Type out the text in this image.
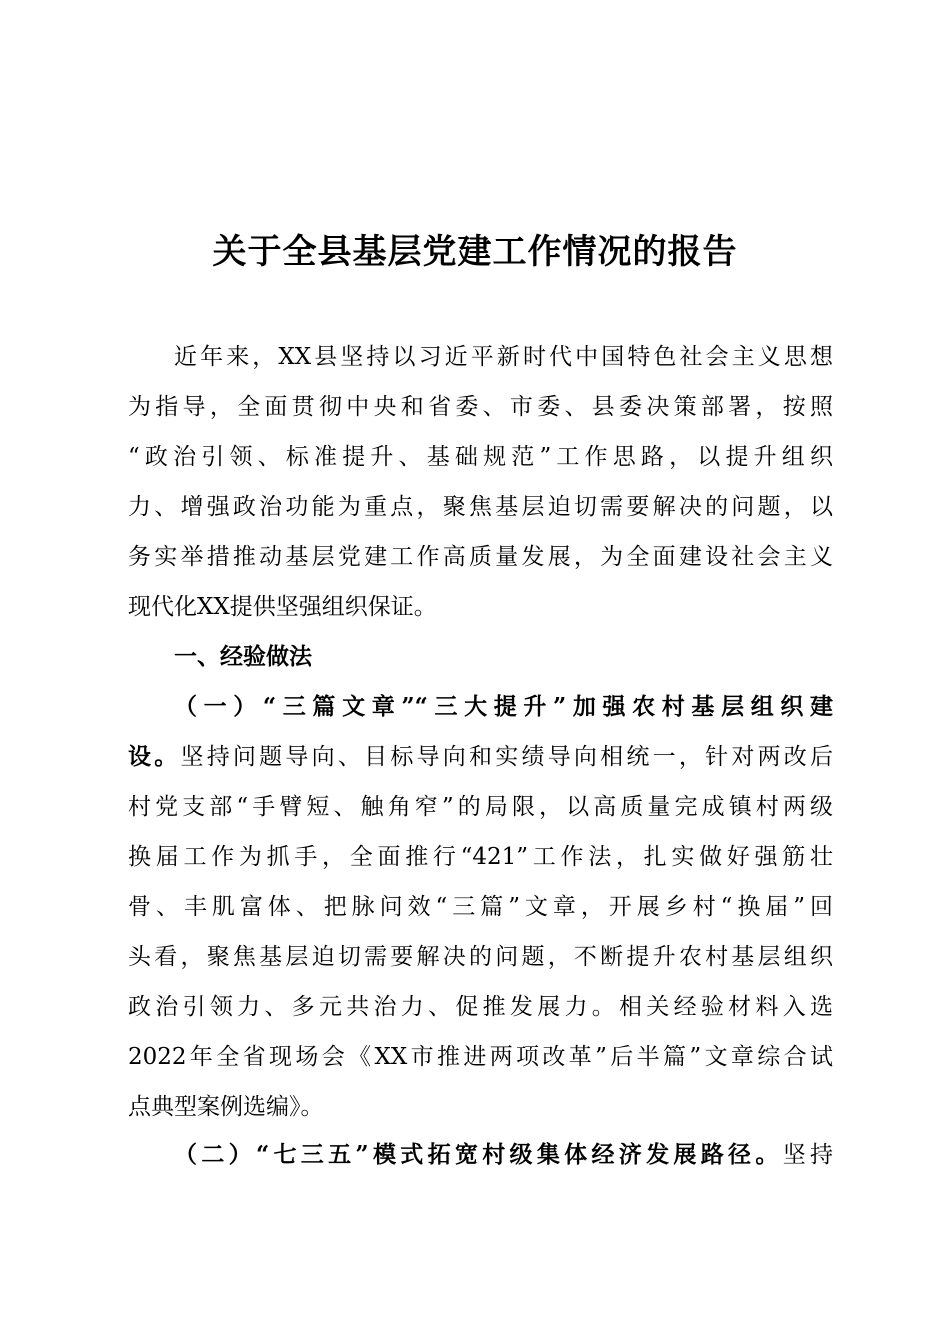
关于全县基层党建工作情况的报告
近年来，XX县坚持以习近平新时代中国特色社会主义思想
为指导，全面贯彻中央和省委、市委、县委决策部署，按照
“政治引领、标准提升、基础规范”工作思路，以提升组织
力、增强政治功能为重点，聚焦基层迫切需要解决的问题，以
务实举措推动基层党建工作高质量发展，为全面建设社会主义
现代化XX提供坚强组织保证。
一、经验做法
（一）“三篇文章”“三大提升”加强农村基层组织建
设。坚持问题导向、目标导向和实绩导向相统一，针对两改后
村党支部“手臂短、触角窄”的局限，以高质量完成镇村两级
换届工作为抓手，全面推行“421”工作法，扎实做好强筋壮
骨、丰肌富体、把脉问效“三篇”文章，开展乡村“换届”回
头看，聚焦基层迫切需要解决的问题，不断提升农村基层组织
政治引领力、多元共治力、促推发展力。相关经验材料入选
2022年全省现场会《XX市推进两项改革”后半篇”文章综合试
点典型案例选编》。
（二）“七三五”模式拓宽村级集体经济发展路径。坚持
